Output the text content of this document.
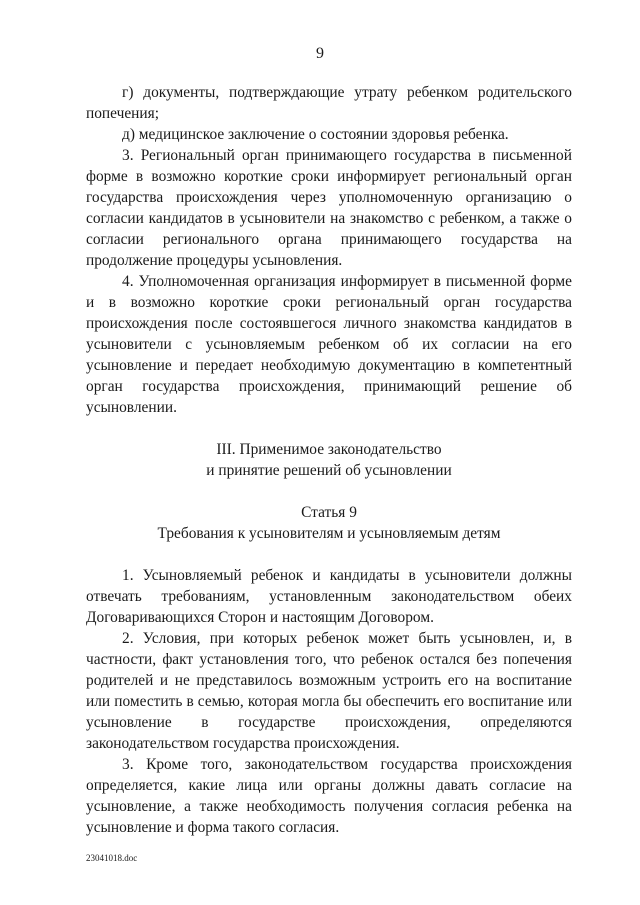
9

г) документы, подтверждающие утрату ребенком родительского попечения;

д) медицинское заключение о состоянии здоровья ребенка.

3. Региональный орган принимающего государства в письменной форме в возможно короткие сроки информирует региональный орган государства происхождения через уполномоченную организацию о согласии кандидатов в усыновители на знакомство с ребенком, а также о согласии регионального органа принимающего государства на продолжение процедуры усыновления.

4. Уполномоченная организация информирует в письменной форме и в возможно короткие сроки региональный орган государства происхождения после состоявшегося личного знакомства кандидатов в усыновители с усыновляемым ребенком об их согласии на его усыновление и передает необходимую документацию в компетентный орган государства происхождения, принимающий решение об усыновлении.

III. Применимое законодательство
и принятие решений об усыновлении
Статья 9
Требования к усыновителям и усыновляемым детям

1. Усыновляемый ребенок и кандидаты в усыновители должны отвечать требованиям, установленным законодательством обеих Договаривающихся Сторон и настоящим Договором.

2. Условия, при которых ребенок может быть усыновлен, и, в частности, факт установления того, что ребенок остался без попечения родителей и не представилось возможным устроить его на воспитание или поместить в семью, которая могла бы обеспечить его воспитание или усыновление в государстве происхождения, определяются законодательством государства происхождения.

3. Кроме того, законодательством государства происхождения определяется, какие лица или органы должны давать согласие на усыновление, а также необходимость получения согласия ребенка на усыновление и форма такого согласия.

23041018.doc
